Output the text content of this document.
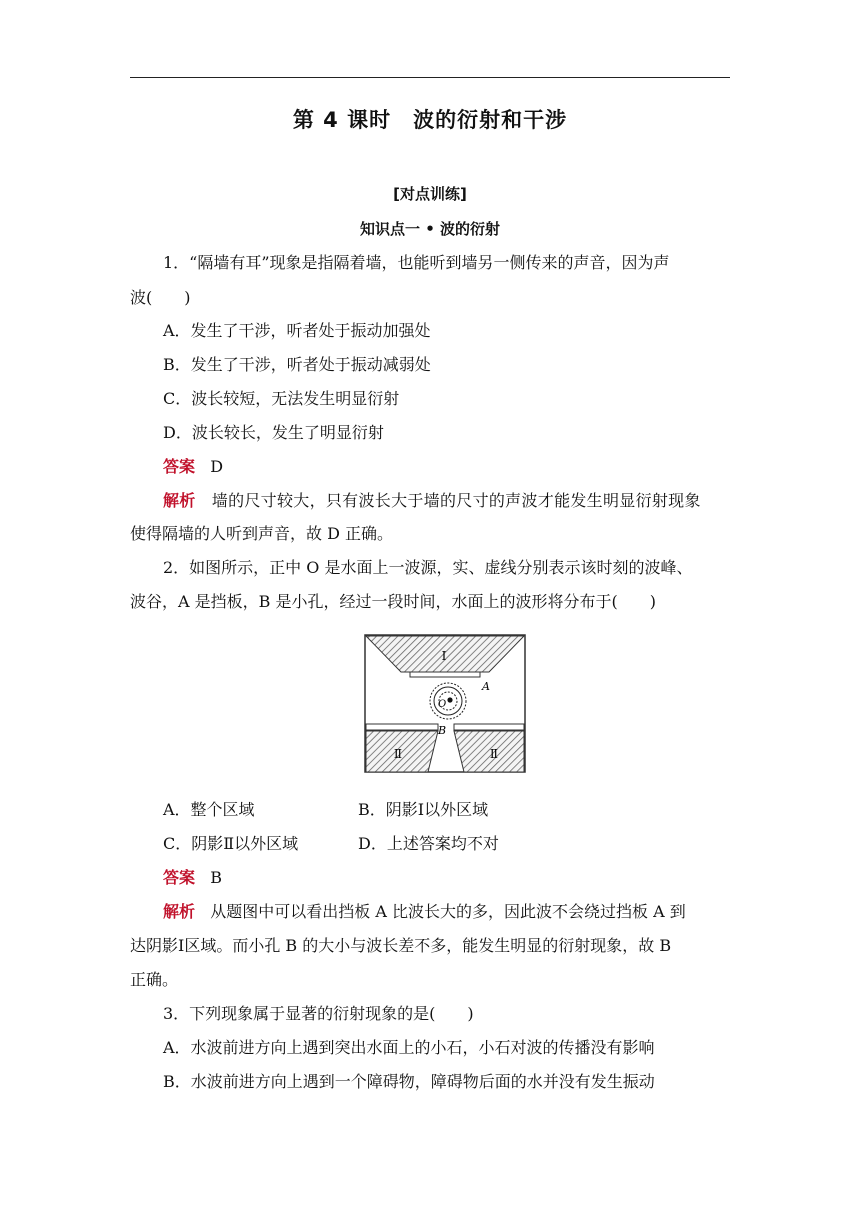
第 4 课时　波的衍射和干涉
[对点训练]
知识点一 • 波的衍射
1．“隔墙有耳”现象是指隔着墙，也能听到墙另一侧传来的声音，因为声
波(　　)
A．发生了干涉，听者处于振动加强处
B．发生了干涉，听者处于振动减弱处
C．波长较短，无法发生明显衍射
D．波长较长，发生了明显衍射
答案 D
解析 墙的尺寸较大，只有波长大于墙的尺寸的声波才能发生明显衍射现象
使得隔墙的人听到声音，故 D 正确。
2．如图所示，正中 O 是水面上一波源，实、虚线分别表示该时刻的波峰、
波谷，A 是挡板，B 是小孔，经过一段时间，水面上的波形将分布于(　　)
Ⅰ
Ⅱ	Ⅱ
A
B
O
A．整个区域	B．阴影Ⅰ以外区域
C．阴影Ⅱ以外区域	D．上述答案均不对
答案 B
解析 从题图中可以看出挡板 A 比波长大的多，因此波不会绕过挡板 A 到
达阴影Ⅰ区域。而小孔 B 的大小与波长差不多，能发生明显的衍射现象，故 B
正确。
3．下列现象属于显著的衍射现象的是(　　)
A．水波前进方向上遇到突出水面上的小石，小石对波的传播没有影响
B．水波前进方向上遇到一个障碍物，障碍物后面的水并没有发生振动
